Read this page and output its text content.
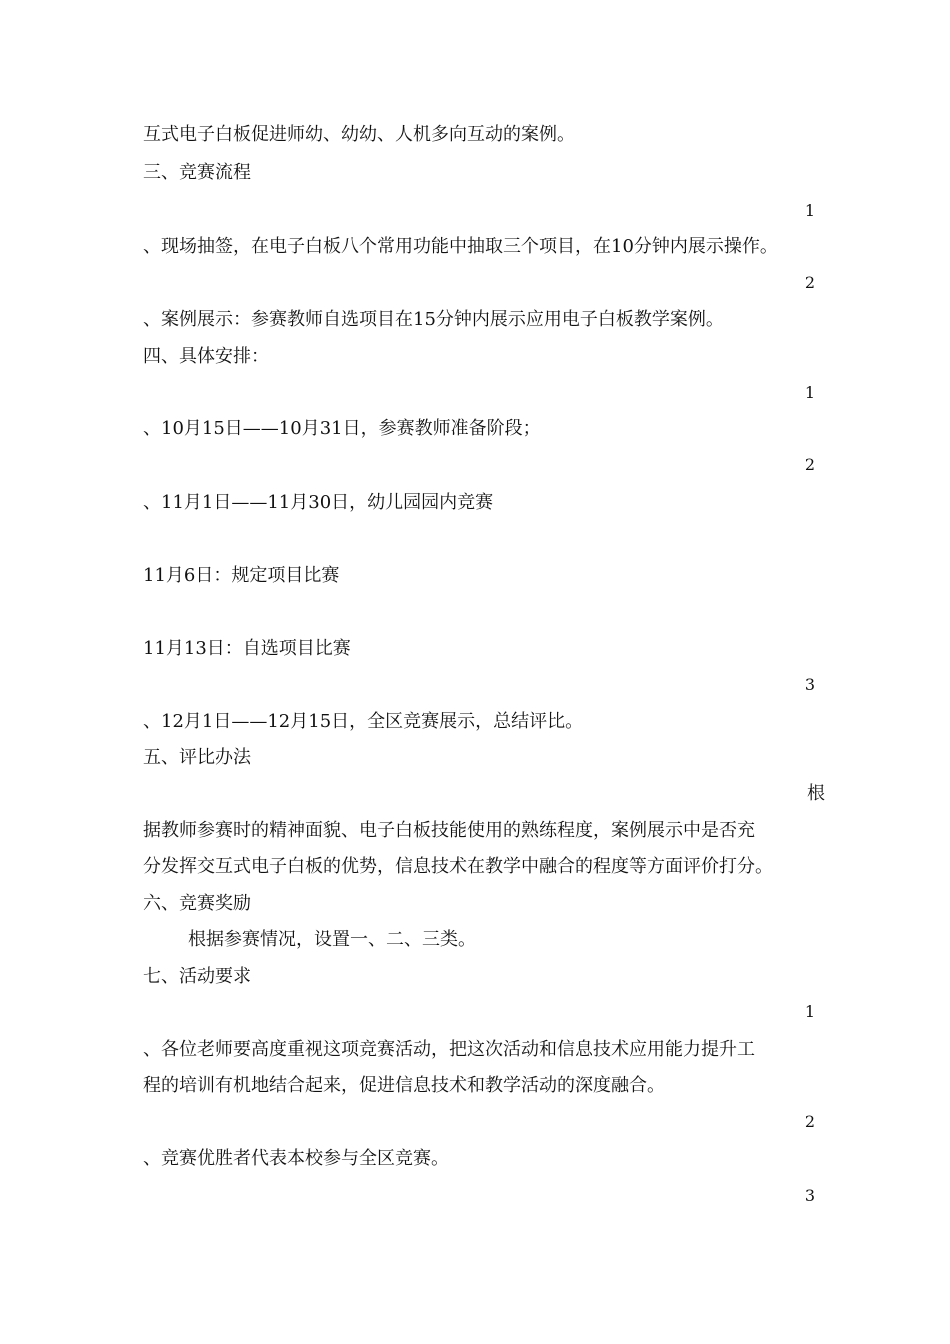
互式电子白板促进师幼、幼幼、人机多向互动的案例。
三、竞赛流程
1
、现场抽签，在电子白板八个常用功能中抽取三个项目，在10分钟内展示操作。
2
、案例展示：参赛教师自选项目在15分钟内展示应用电子白板教学案例。
四、具体安排：
1
、10月15日——10月31日，参赛教师准备阶段；
2
、11月1日——11月30日，幼儿园园内竞赛
11月6日：规定项目比赛
11月13日：自选项目比赛
3
、12月1日——12月15日，全区竞赛展示，总结评比。
五、评比办法
根
据教师参赛时的精神面貌、电子白板技能使用的熟练程度，案例展示中是否充
分发挥交互式电子白板的优势，信息技术在教学中融合的程度等方面评价打分。
六、竞赛奖励
根据参赛情况，设置一、二、三类。
七、活动要求
1
、各位老师要高度重视这项竞赛活动，把这次活动和信息技术应用能力提升工
程的培训有机地结合起来，促进信息技术和教学活动的深度融合。
2
、竞赛优胜者代表本校参与全区竞赛。
3
